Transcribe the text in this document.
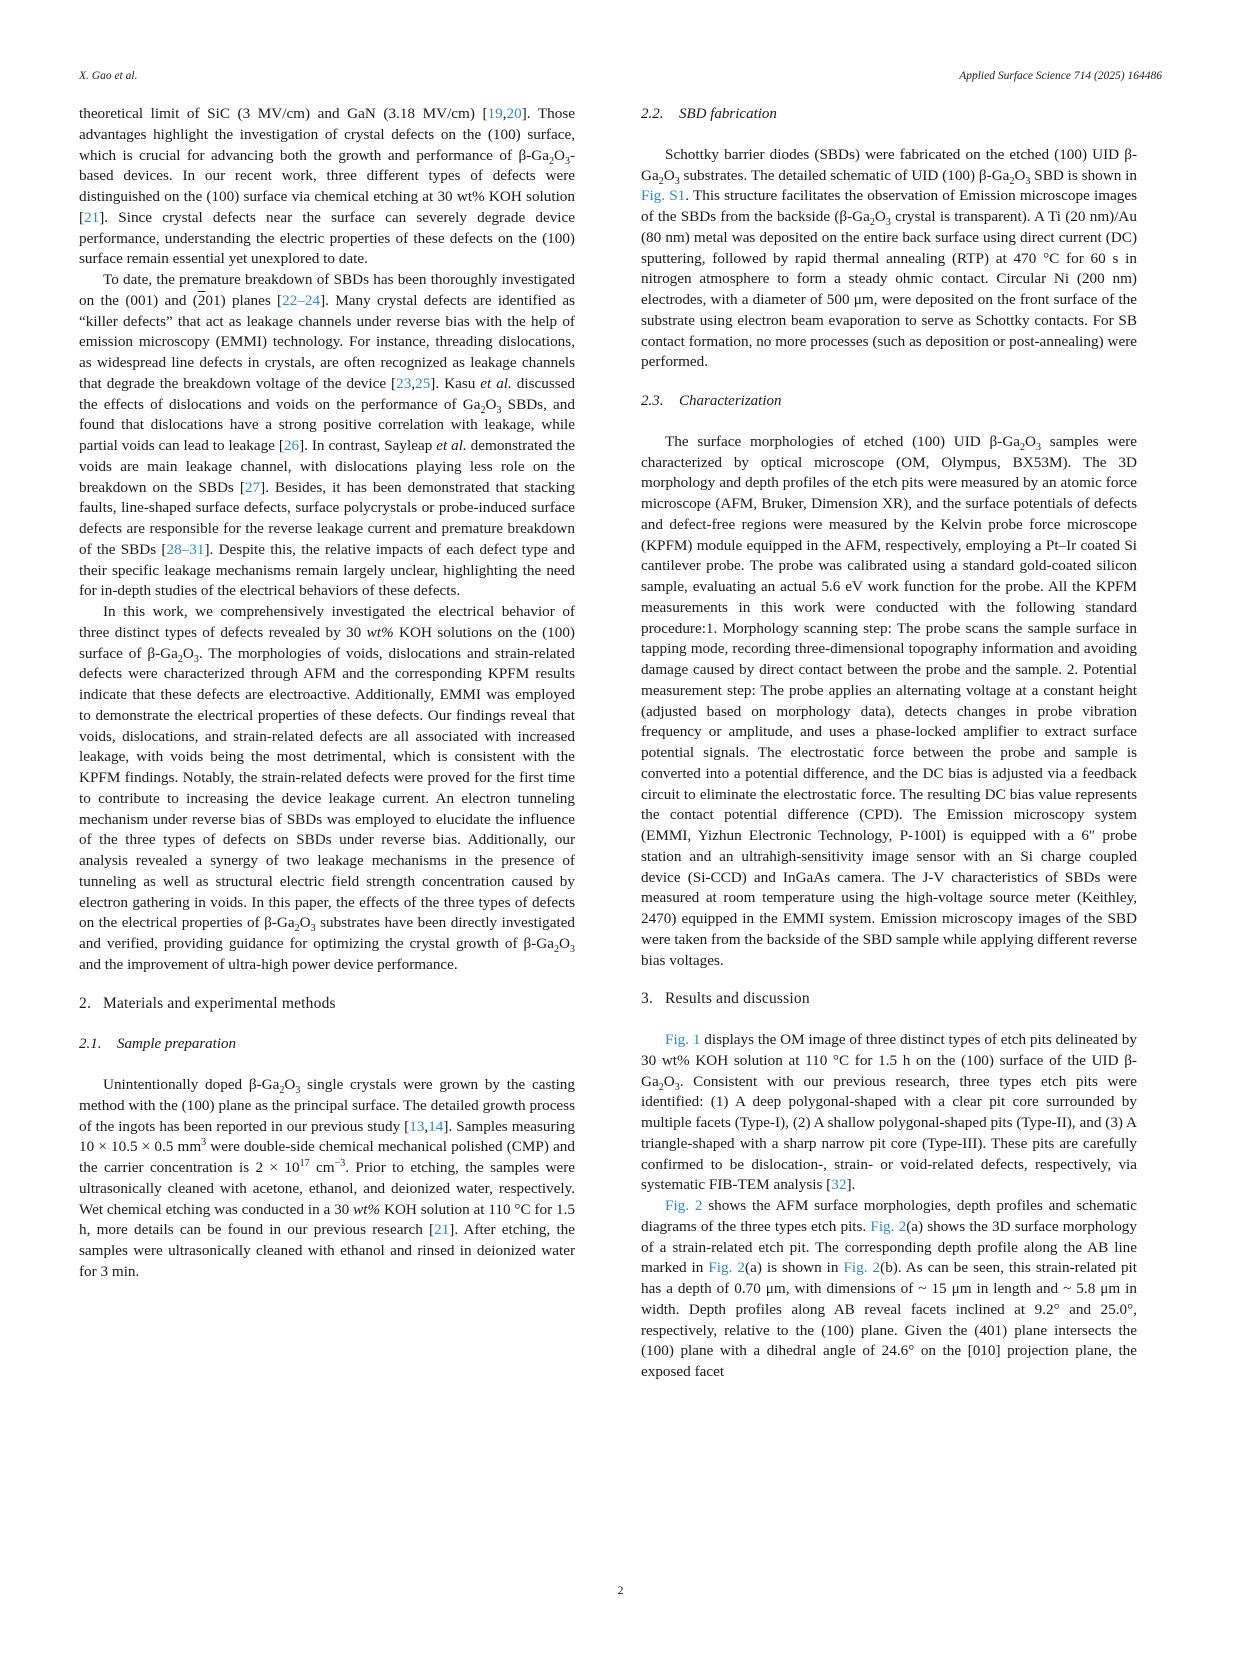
X. Gao et al.	Applied Surface Science 714 (2025) 164486

theoretical limit of SiC (3 MV/cm) and GaN (3.18 MV/cm) [19,20]. Those advantages highlight the investigation of crystal defects on the (100) surface, which is crucial for advancing both the growth and performance of $\beta-Ga_2O_3$-based devices. In our recent work, three different types of defects were distinguished on the (100) surface via chemical etching at 30 wt% KOH solution [21]. Since crystal defects near the surface can severely degrade device performance, understanding the electric properties of these defects on the (100) surface remain essential yet unexplored to date.

To date, the premature breakdown of SBDs has been thoroughly investigated on the (001) and (201) planes [22–24]. Many crystal defects are identified as “killer defects” that act as leakage channels under reverse bias with the help of emission microscopy (EMMI) technology. For instance, threading dislocations, as widespread line defects in crystals, are often recognized as leakage channels that degrade the breakdown voltage of the device [23,25]. Kasu et al. discussed the effects of dislocations and voids on the performance of $Ga_2O_3$ SBDs, and found that dislocations have a strong positive correlation with leakage, while partial voids can lead to leakage [26]. In contrast, Sayleap et al. demonstrated the voids are main leakage channel, with dislocations playing less role on the breakdown on the SBDs [27]. Besides, it has been demonstrated that stacking faults, line-shaped surface defects, surface polycrystals or probe-induced surface defects are responsible for the reverse leakage current and premature breakdown of the SBDs [28–31]. Despite this, the relative impacts of each defect type and their specific leakage mechanisms remain largely unclear, highlighting the need for in-depth studies of the electrical behaviors of these defects.

In this work, we comprehensively investigated the electrical behavior of three distinct types of defects revealed by 30 wt% KOH solutions on the (100) surface of $\beta-Ga_2O_3$. The morphologies of voids, dislocations and strain-related defects were characterized through AFM and the corresponding KPFM results indicate that these defects are electroactive. Additionally, EMMI was employed to demonstrate the electrical properties of these defects. Our findings reveal that voids, dislocations, and strain-related defects are all associated with increased leakage, with voids being the most detrimental, which is consistent with the KPFM findings. Notably, the strain-related defects were proved for the first time to contribute to increasing the device leakage current. An electron tunneling mechanism under reverse bias of SBDs was employed to elucidate the influence of the three types of defects on SBDs under reverse bias. Additionally, our analysis revealed a synergy of two leakage mechanisms in the presence of tunneling as well as structural electric field strength concentration caused by electron gathering in voids. In this paper, the effects of the three types of defects on the electrical properties of $\beta-Ga_2O_3$ substrates have been directly investigated and verified, providing guidance for optimizing the crystal growth of $\beta-Ga_2O_3$ and the improvement of ultra-high power device performance.

2. Materials and experimental methods
2.1. Sample preparation

Unintentionally doped $\beta-Ga_2O_3$ single crystals were grown by the casting method with the (100) plane as the principal surface. The detailed growth process of the ingots has been reported in our previous study [13,14]. Samples measuring 10 × 10.5 × 0.5 $mm^3$ were double-side chemical mechanical polished (CMP) and the carrier concentration is $2 \times 10^{17}$ $cm^{-3}$. Prior to etching, the samples were ultrasonically cleaned with acetone, ethanol, and deionized water, respectively. Wet chemical etching was conducted in a 30 wt% KOH solution at 110 °C for 1.5 h, more details can be found in our previous research [21]. After etching, the samples were ultrasonically cleaned with ethanol and rinsed in deionized water for 3 min.

2.2. SBD fabrication

Schottky barrier diodes (SBDs) were fabricated on the etched (100) UID $\beta-Ga_2O_3$ substrates. The detailed schematic of UID (100) $\beta-Ga_2O_3$ SBD is shown in Fig. S1. This structure facilitates the observation of Emission microscope images of the SBDs from the backside ($\beta-Ga_2O_3$ crystal is transparent). A Ti (20 nm)/Au (80 nm) metal was deposited on the entire back surface using direct current (DC) sputtering, followed by rapid thermal annealing (RTP) at 470 °C for 60 s in nitrogen atmosphere to form a steady ohmic contact. Circular Ni (200 nm) electrodes, with a diameter of 500 μm, were deposited on the front surface of the substrate using electron beam evaporation to serve as Schottky contacts. For SB contact formation, no more processes (such as deposition or post-annealing) were performed.

2.3. Characterization

The surface morphologies of etched (100) UID $\beta-Ga_2O_3$ samples were characterized by optical microscope (OM, Olympus, BX53M). The 3D morphology and depth profiles of the etch pits were measured by an atomic force microscope (AFM, Bruker, Dimension XR), and the surface potentials of defects and defect-free regions were measured by the Kelvin probe force microscope (KPFM) module equipped in the AFM, respectively, employing a Pt–Ir coated Si cantilever probe. The probe was calibrated using a standard gold-coated silicon sample, evaluating an actual 5.6 eV work function for the probe. All the KPFM measurements in this work were conducted with the following standard procedure:1. Morphology scanning step: The probe scans the sample surface in tapping mode, recording three-dimensional topography information and avoiding damage caused by direct contact between the probe and the sample. 2. Potential measurement step: The probe applies an alternating voltage at a constant height (adjusted based on morphology data), detects changes in probe vibration frequency or amplitude, and uses a phase-locked amplifier to extract surface potential signals. The electrostatic force between the probe and sample is converted into a potential difference, and the DC bias is adjusted via a feedback circuit to eliminate the electrostatic force. The resulting DC bias value represents the contact potential difference (CPD). The Emission microscopy system (EMMI, Yizhun Electronic Technology, P-100I) is equipped with a 6″ probe station and an ultrahigh-sensitivity image sensor with an Si charge coupled device (Si-CCD) and InGaAs camera. The J-V characteristics of SBDs were measured at room temperature using the high-voltage source meter (Keithley, 2470) equipped in the EMMI system. Emission microscopy images of the SBD were taken from the backside of the SBD sample while applying different reverse bias voltages.

3. Results and discussion

Fig. 1 displays the OM image of three distinct types of etch pits delineated by 30 wt% KOH solution at 110 °C for 1.5 h on the (100) surface of the UID $\beta-Ga_2O_3$. Consistent with our previous research, three types etch pits were identified: (1) A deep polygonal-shaped with a clear pit core surrounded by multiple facets (Type-I), (2) A shallow polygonal-shaped pits (Type-II), and (3) A triangle-shaped with a sharp narrow pit core (Type-III). These pits are carefully confirmed to be dislocation-, strain- or void-related defects, respectively, via systematic FIB-TEM analysis [32].

Fig. 2 shows the AFM surface morphologies, depth profiles and schematic diagrams of the three types etch pits. Fig. 2(a) shows the 3D surface morphology of a strain-related etch pit. The corresponding depth profile along the AB line marked in Fig. 2(a) is shown in Fig. 2(b). As can be seen, this strain-related pit has a depth of 0.70 μm, with dimensions of ~ 15 μm in length and ~ 5.8 μm in width. Depth profiles along AB reveal facets inclined at 9.2° and 25.0°, respectively, relative to the (100) plane. Given the (401) plane intersects the (100) plane with a dihedral angle of 24.6° on the [010] projection plane, the exposed facet

2
